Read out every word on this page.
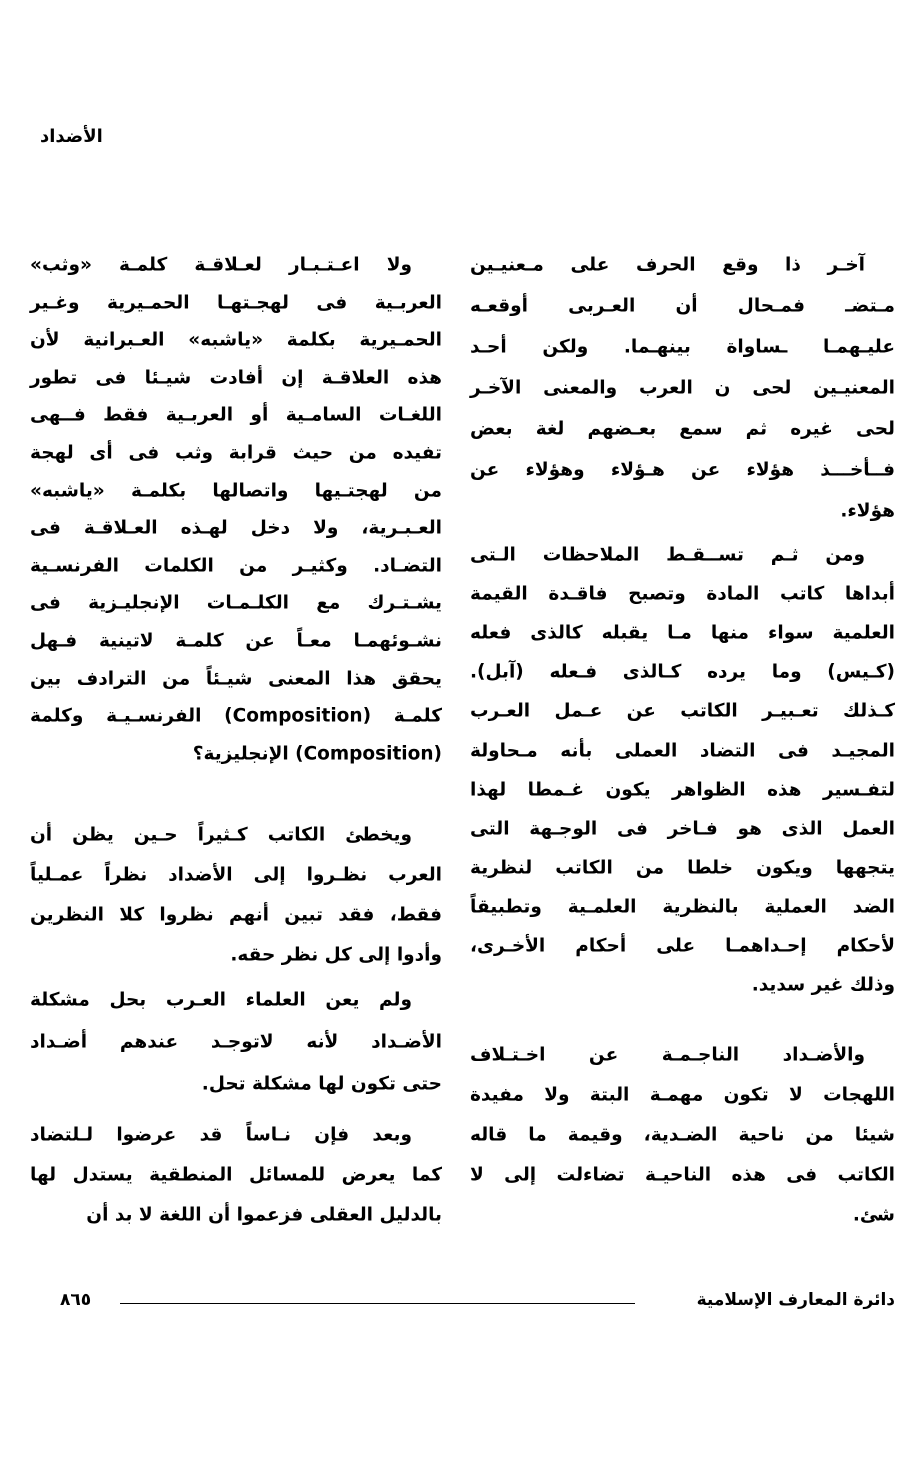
الأضداد
آخـر ذا وقع الحرف على مـعنيـين
مـتضـ فمـحال أن العـربى أوقعـه
عليـهمـا ـساواة بينهـما. ولكن أحـد
المعنيـين لحى ن العرب والمعنى الآخـر
لحى غيره ثم سمع بعـضهم لغة بعض
فــأخـــذ هؤلاء عن هـؤلاء وهؤلاء عن
هؤلاء.
ومن ثـم تســقـط الملاحظات الـتى
أبداها كاتب المادة وتصبح فاقـدة القيمة
العلمية سواء منها مـا يقبله كالذى فعله
(كـيس) وما يرده كـالذى فـعله (آبل).
كـذلك تعـبيـر الكاتب عن عـمل العـرب
المجيـد فى التضاد العملى بأنه مـحاولة
لتفـسير هذه الظواهر يكون غـمطا لهذا
العمل الذى هو فـاخر فى الوجـهة التى
يتجهها ويكون خلطا من الكاتب لنظرية
الضد العملية بالنظرية العلمـية وتطبيقاً
لأحكام إحـداهمـا على أحكام الأخـرى،
وذلك غير سديد.
والأضـداد الناجـمـة عن اخـتـلاف
اللهجات لا تكون مهمـة البتة ولا مفيدة
شيئا من ناحية الضـدية، وقيمة ما قاله
الكاتب فى هذه الناحيـة تضاءلت إلى لا
شئ.
ولا اعـتـبـار لعـلاقـة كلمـة «وثب»
العربـية فى لهجـتهـا الحمـيرية وغـير
الحمـيرية بكلمة «ياشبه» العـبرانية لأن
هذه العلاقـة إن أفادت شيـئا فى تطور
اللغـات السامـية أو العربـية فقط فــهى
تفيده من حيث قرابة وثب فى أى لهجة
من لهجتـيها واتصالها بكلمـة «ياشبه»
العـبـرية، ولا دخل لهـذه العـلاقـة فى
التضـاد. وكثيـر من الكلمات الفرنسـية
يشـتـرك مع الكلـمـات الإنجليـزية فى
نشـوئهمـا معـاً عن كلمـة لاتينية فـهل
يحقق هذا المعنى شيـئاً من الترادف بين
كلمـة (Composition) الفرنسـيـة وكلمة
(Composition) الإنجليزية؟
ويخطئ الكاتب كـثيراً حـين يظن أن
العرب نظـروا إلى الأضداد نظراً عمـلياً
فقط، فقد تبين أنهم نظروا كلا النظرين
وأدوا إلى كل نظر حقه.
ولم يعن العلماء العـرب بحل مشكلة
الأضـداد لأنه لاتوجـد عندهم أضـداد
حتى تكون لها مشكلة تحل.
وبعد فإن نـاساً قد عرضوا لـلتضاد
كما يعرض للمسائل المنطقية يستدل لها
بالدليل العقلى فزعموا أن اللغة لا بد أن
دائرة المعارف الإسلامية
٨٦٥
